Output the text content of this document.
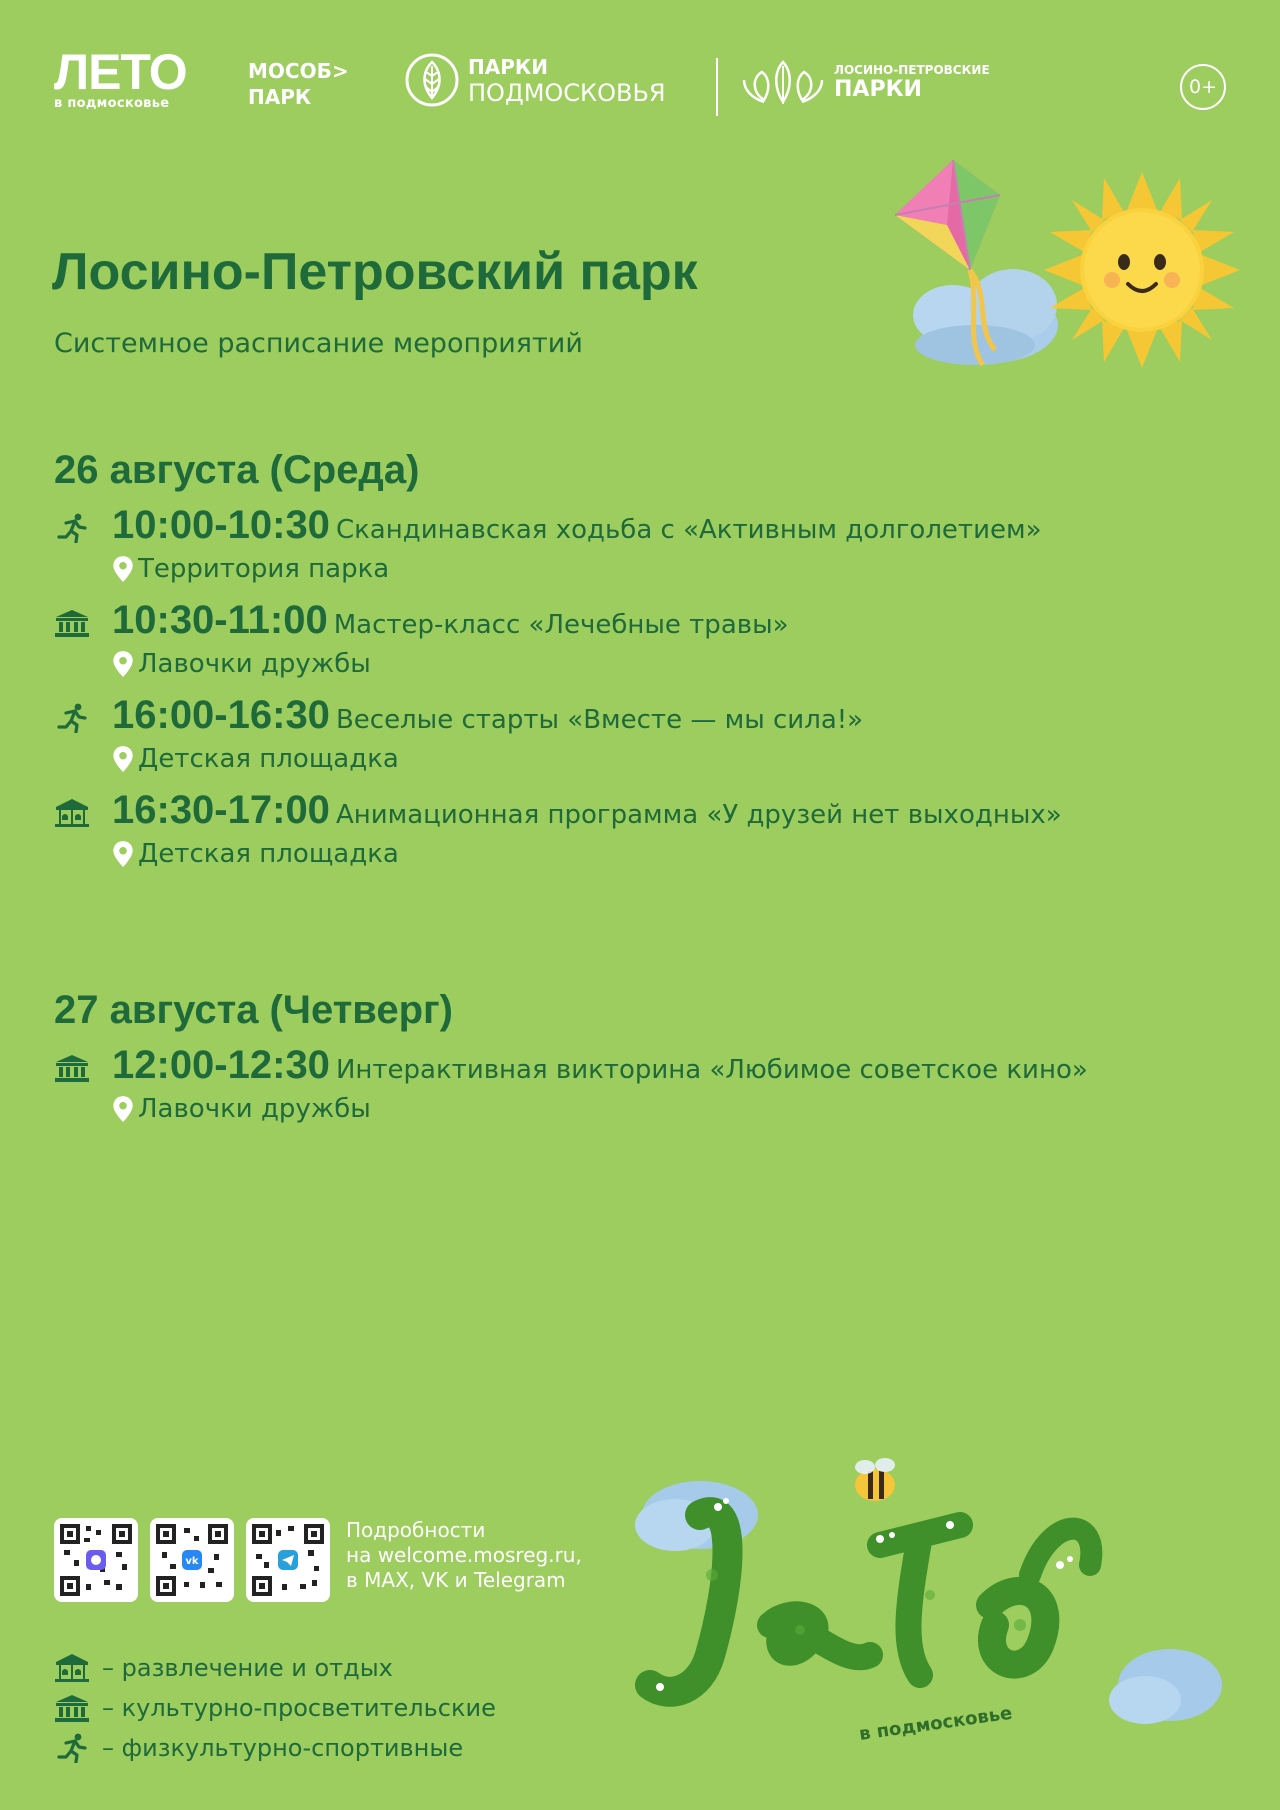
ЛЕТО
в подмосковье
МОСОБ>
ПАРК
ПАРКИ
ПОДМОСКОВЬЯ
ЛОСИНО-ПЕТРОВСКИЕ
ПАРКИ	0+
Лосино-Петровский парк
Системное расписание мероприятий
26 августа (Среда)
10:00-10:30 Скандинавская ходьба с «Активным долголетием»
Территория парка
10:30-11:00 Мастер-класс «Лечебные травы»
Лавочки дружбы
16:00-16:30 Веселые старты «Вместе — мы сила!»
Детская площадка
16:30-17:00 Анимационная программа «У друзей нет выходных»
Детская площадка
27 августа (Четверг)
12:00-12:30 Интерактивная викторина «Любимое советское кино»
Лавочки дружбы
vk
Подробности
на welcome.mosreg.ru,
в MAX, VK и Telegram
– развлечение и отдых
– культурно-просветительские
– физкультурно-спортивные
в подмосковье
